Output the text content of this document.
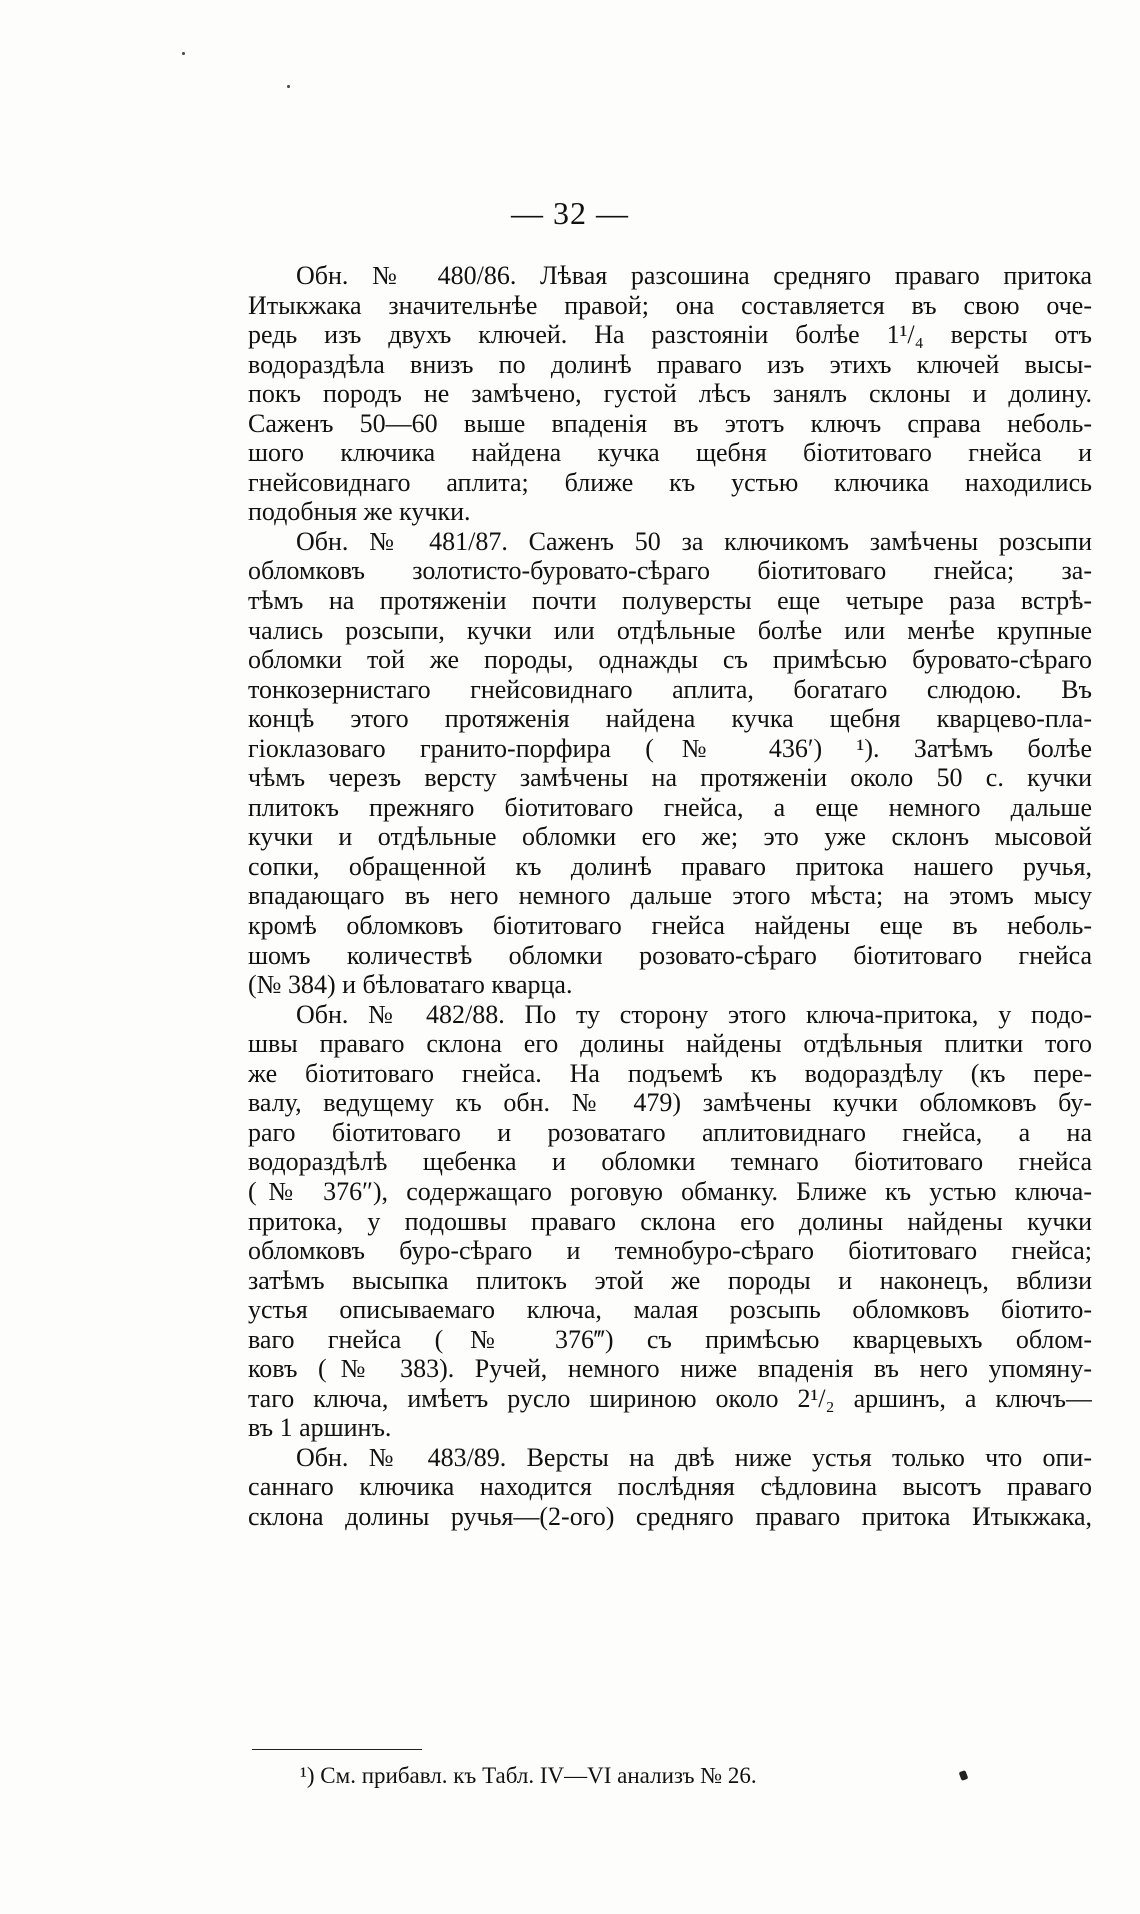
— 32 —
Обн. № 480/86. Лѣвая разсошина средняго праваго притока
Итыкжака значительнѣе правой; она составляется въ свою оче-
редь изъ двухъ ключей. На разстояніи болѣе 1¹/₄ версты отъ
водораздѣла внизъ по долинѣ праваго изъ этихъ ключей высы-
покъ породъ не замѣчено, густой лѣсъ занялъ склоны и долину.
Саженъ 50—60 выше впаденія въ этотъ ключъ справа неболь-
шого ключика найдена кучка щебня біотитоваго гнейса и
гнейсовиднаго аплита; ближе къ устью ключика находились
подобныя же кучки.
Обн. № 481/87. Саженъ 50 за ключикомъ замѣчены розсыпи
обломковъ золотисто-буровато-сѣраго біотитоваго гнейса; за-
тѣмъ на протяженіи почти полуверсты еще четыре раза встрѣ-
чались розсыпи, кучки или отдѣльные болѣе или менѣе крупные
обломки той же породы, однажды съ примѣсью буровато-сѣраго
тонкозернистаго гнейсовиднаго аплита, богатаго слюдою. Въ
концѣ этого протяженія найдена кучка щебня кварцево-пла-
гіоклазоваго гранито-порфира (№ 436′) ¹). Затѣмъ болѣе
чѣмъ черезъ версту замѣчены на протяженіи около 50 с. кучки
плитокъ прежняго біотитоваго гнейса, а еще немного дальше
кучки и отдѣльные обломки его же; это уже склонъ мысовой
сопки, обращенной къ долинѣ праваго притока нашего ручья,
впадающаго въ него немного дальше этого мѣста; на этомъ мысу
кромѣ обломковъ біотитоваго гнейса найдены еще въ неболь-
шомъ количествѣ обломки розовато-сѣраго біотитоваго гнейса
(№ 384) и бѣловатаго кварца.
Обн. № 482/88. По ту сторону этого ключа-притока, у подо-
швы праваго склона его долины найдены отдѣльныя плитки того
же біотитоваго гнейса. На подъемѣ къ водораздѣлу (къ пере-
валу, ведущему къ обн. № 479) замѣчены кучки обломковъ бу-
раго біотитоваго и розоватаго аплитовиднаго гнейса, а на
водораздѣлѣ щебенка и обломки темнаго біотитоваго гнейса
(№ 376″), содержащаго роговую обманку. Ближе къ устью ключа-
притока, у подошвы праваго склона его долины найдены кучки
обломковъ буро-сѣраго и темнобуро-сѣраго біотитоваго гнейса;
затѣмъ высыпка плитокъ этой же породы и наконецъ, вблизи
устья описываемаго ключа, малая розсыпь обломковъ біотито-
ваго гнейса (№ 376‴) съ примѣсью кварцевыхъ облом-
ковъ (№ 383). Ручей, немного ниже впаденія въ него упомяну-
таго ключа, имѣетъ русло шириною около 2¹/₂ аршинъ, а ключъ—
въ 1 аршинъ.
Обн. № 483/89. Версты на двѣ ниже устья только что опи-
саннаго ключика находится послѣдняя сѣдловина высотъ праваго
склона долины ручья—(2-ого) средняго праваго притока Итыкжака,
¹) См. прибавл. къ Табл. IV—VI анализъ № 26.
